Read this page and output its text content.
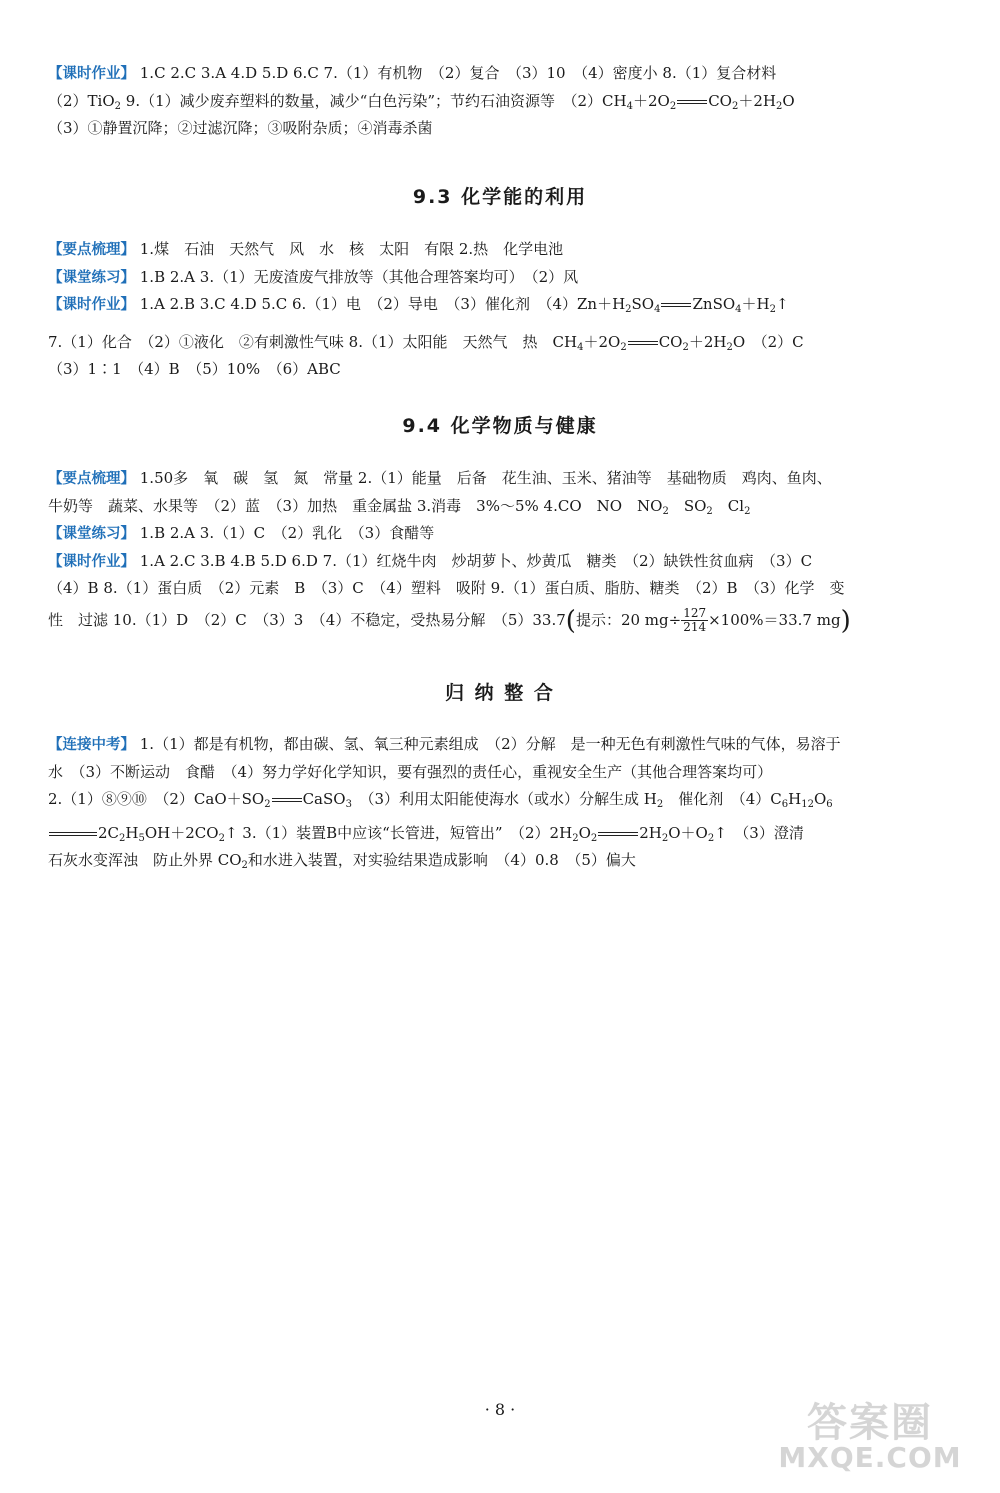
【课时作业】 1.C 2.C 3.A 4.D 5.D 6.C 7.（1）有机物　（2）复合　（3）10　（4）密度小 8.（1）复合材料
（2）TiO$_2$ 9.（1）减少废弃塑料的数量，减少“白色污染”；节约石油资源等　$(2)CH_4+2O_2$ $CO_2+2H_2O$
（3）①静置沉降；②过滤沉降；③吸附杂质；④消毒杀菌
9.3 化学能的利用
【要点梳理】 1.煤　石油　天然气　风　水　核　太阳　有限 2.热　化学电池
【课堂练习】 1.B 2.A 3.（1）无废渣废气排放等（其他合理答案均可）　（2）风
【课时作业】 1.A 2.B 3.C 4.D 5.C 6.（1）电　（2）导电　（3）催化剂　$(4)Zn+H_2SO_4$ $ZnSO_4+H_2↑$
7.（1）化合　（2）①液化　②有刺激性气味 8.（1）太阳能　天然气　热　$CH_4+2O_2$ $CO_2+2H_2O$　（2）C
（3）1∶1　（4）B　（5）10%　（6）ABC
9.4 化学物质与健康
【要点梳理】 1.50多　氧　碳　氢　氮　常量 2.（1）能量　后备　花生油、玉米、猪油等　基础物质　鸡肉、鱼肉、
牛奶等　蔬菜、水果等　（2）蓝　（3）加热　重金属盐 3.消毒　3%～5% 4.CO　NO　$NO_2$　$SO_2$　$Cl_2$
【课堂练习】 1.B 2.A 3.（1）C　（2）乳化　（3）食醋等
【课时作业】 1.A 2.C 3.B 4.B 5.D 6.D 7.（1）红烧牛肉　炒胡萝卜、炒黄瓜　糖类　（2）缺铁性贫血病　（3）C
（4）B 8.（1）蛋白质　（2）元素　B　（3）C　（4）塑料　吸附 9.（1）蛋白质、脂肪、糖类　（2）B　（3）化学　变
性　过滤 10.（1）D　（2）C　（3）3　（4）不稳定，受热易分解　（5）33.7(提示：20 $mg\div \frac{127}{214} \times 100\%=33.7$ mg)
归 纳 整 合
【连接中考】 1.（1）都是有机物，都由碳、氢、氧三种元素组成　（2）分解　是一种无色有刺激性气味的气体，易溶于
水　（3）不断运动　食醋　（4）努力学好化学知识，要有强烈的责任心，重视安全生产（其他合理答案均可）
2.（1）⑧⑨⑩　$(2)CaO+SO_2$ CaSO$_3$　（3）利用太阳能使海水（或水）分解生成 $H_2$　催化剂　$(4)C_6H_{12}O_6$
$2C_2H_5OH+2CO_2↑$ 3.（1）装置B中应该“长管进，短管出”　$(2)2H_2O_2$	$2H_2O+O_2↑$　（3）澄清
石灰水变浑浊　防止外界 $CO_2$和水进入装置，对实验结果造成影响　（4）0.8　（5）偏大
· 8 ·	答案圈
MXQE.COM
